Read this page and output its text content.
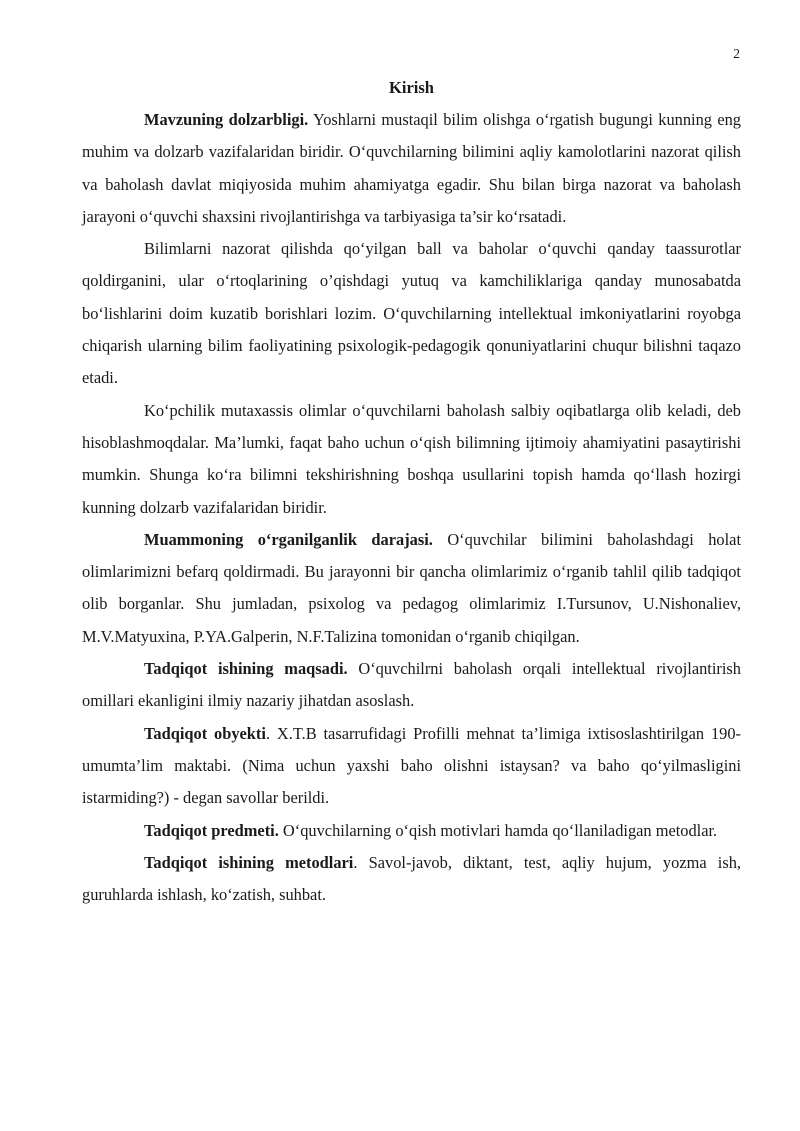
2
Kirish

Mavzuning dolzarbligi. Yoshlarni mustaqil bilim olishga o‘rgatish bugungi kunning eng muhim va dolzarb vazifalaridan biridir. O‘quvchilarning bilimini aqliy kamolotlarini nazorat qilish va baholash davlat miqiyosida muhim ahamiyatga egadir. Shu bilan birga nazorat va baholash jarayoni o‘quvchi shaxsini rivojlantirishga va tarbiyasiga ta’sir ko‘rsatadi.

Bilimlarni nazorat qilishda qo‘yilgan ball va baholar o‘quvchi qanday taassurotlar qoldirganini, ular o‘rtoqlarining o’qishdagi yutuq va kamchiliklariga qanday munosabatda bo‘lishlarini doim kuzatib borishlari lozim. O‘quvchilarning intellektual imkoniyatlarini royobga chiqarish ularning bilim faoliyatining psixologik-pedagogik qonuniyatlarini chuqur bilishni taqazo etadi.

Ko‘pchilik mutaxassis olimlar o‘quvchilarni baholash salbiy oqibatlarga olib keladi, deb hisoblashmoqdalar. Ma’lumki, faqat baho uchun o‘qish bilimning ijtimoiy ahamiyatini pasaytirishi mumkin. Shunga ko‘ra bilimni tekshirishning boshqa usullarini topish hamda qo‘llash hozirgi kunning dolzarb vazifalaridan biridir.

Muammoning o‘rganilganlik darajasi. O‘quvchilar bilimini baholashdagi holat olimlarimizni befarq qoldirmadi. Bu jarayonni bir qancha olimlarimiz o‘rganib tahlil qilib tadqiqot olib borganlar. Shu jumladan, psixolog va pedagog olimlarimiz I.Tursunov, U.Nishonaliev, M.V.Matyuxina, P.YA.Galperin, N.F.Talizina tomonidan o‘rganib chiqilgan.

Tadqiqot ishining maqsadi. O‘quvchilrni baholash orqali intellektual rivojlantirish omillari ekanligini ilmiy nazariy jihatdan asoslash.

Tadqiqot obyekti. X.T.B tasarrufidagi Profilli mehnat ta’limiga ixtisoslashtirilgan 190-umumta’lim maktabi. (Nima uchun yaxshi baho olishni istaysan? va baho qo‘yilmasligini istarmiding?) - degan savollar berildi.

Tadqiqot predmeti. O‘quvchilarning o‘qish motivlari hamda qo‘llaniladigan metodlar.

Tadqiqot ishining metodlari. Savol-javob, diktant, test, aqliy hujum, yozma ish, guruhlarda ishlash, ko‘zatish, suhbat.
